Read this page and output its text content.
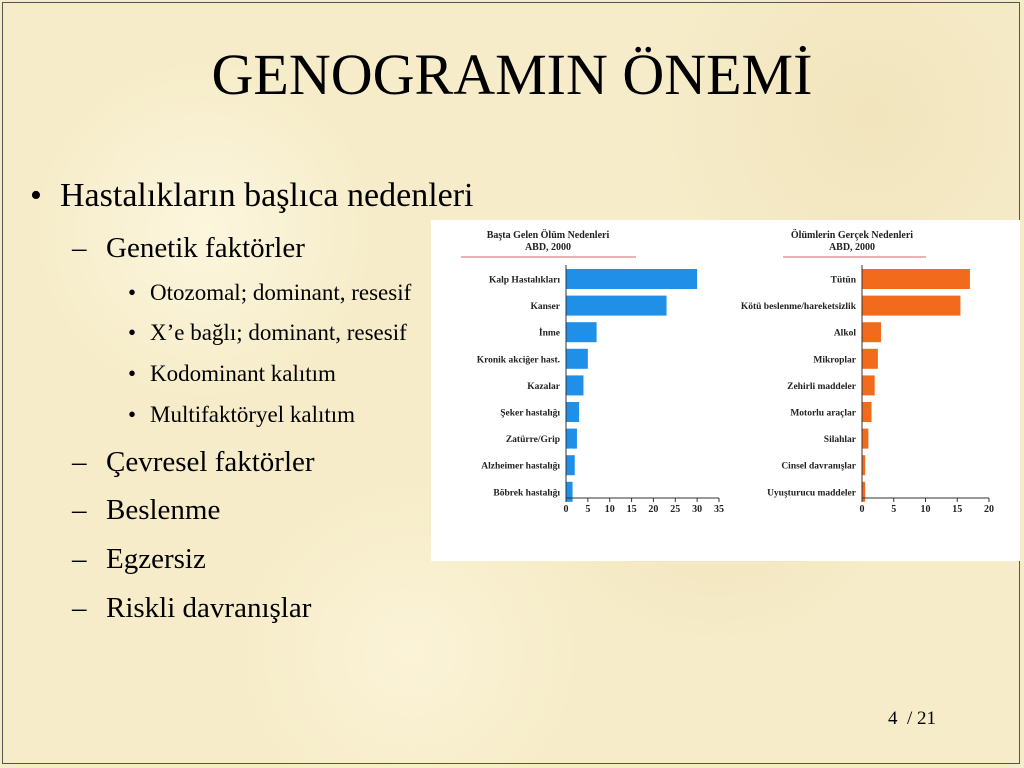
GENOGRAMIN ÖNEMİ
• Hastalıkların başlıca nedenleri
– Genetik faktörler
• Otozomal; dominant, resesif
• X’e bağlı; dominant, resesif
• Kodominant kalıtım
• Multifaktöryel kalıtım
– Çevresel faktörler
– Beslenme
– Egzersiz
– Riskli davranışlar
Başta Gelen Ölüm Nedenleri
ABD, 2000
Kalp Hastalıkları
Kanser
İnme
Kronik akciğer hast.
Kazalar
Şeker hastalığı
Zatürre/Grip
Alzheimer hastalığı
Böbrek hastalığı
0 5 10 15 20 25 30 35
Ölümlerin Gerçek Nedenleri
ABD, 2000
Tütün
Kötü beslenme/hareketsizlik
Alkol
Mikroplar
Zehirli maddeler
Motorlu araçlar
Silahlar
Cinsel davranışlar
Uyuşturucu maddeler
0	5 10 15 20
4 / 21
